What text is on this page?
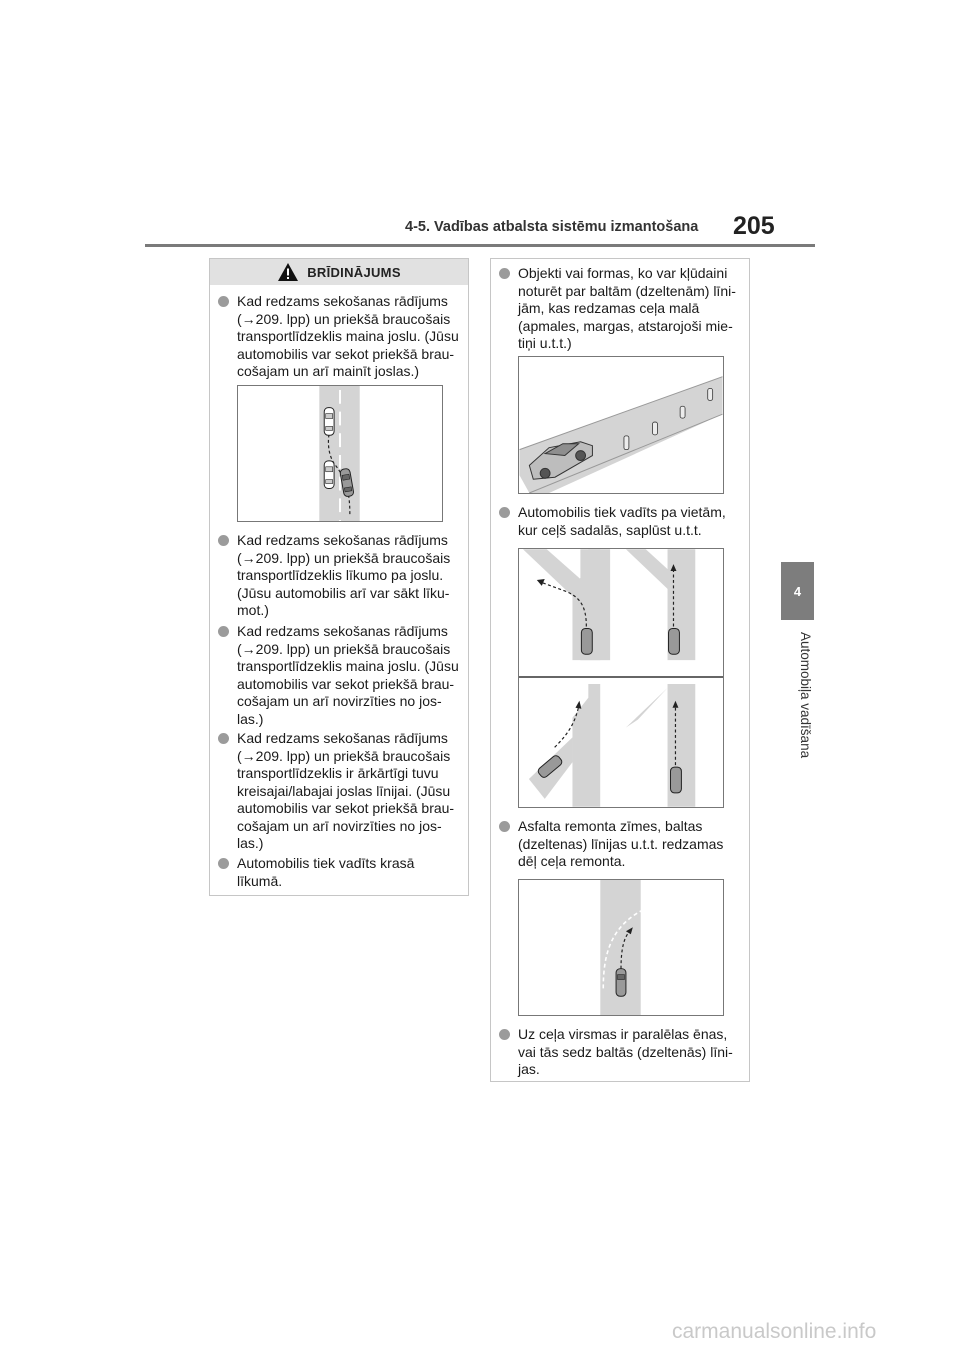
4-5. Vadības atbalsta sistēmu izmantošana 205
4
Automobiļa vadīšana
BRĪDINĀJUMS
Kad redzams sekošanas rādījums
(→209. lpp) un priekšā braucošais
transportlīdzeklis maina joslu. (Jūsu
automobilis var sekot priekšā brau-
cošajam un arī mainīt joslas.)
Kad redzams sekošanas rādījums
(→209. lpp) un priekšā braucošais
transportlīdzeklis līkumo pa joslu.
(Jūsu automobilis arī var sākt līku-
mot.)
Kad redzams sekošanas rādījums
(→209. lpp) un priekšā braucošais
transportlīdzeklis maina joslu. (Jūsu
automobilis var sekot priekšā brau-
cošajam un arī novirzīties no jos-
las.)
Kad redzams sekošanas rādījums
(→209. lpp) un priekšā braucošais
transportlīdzeklis ir ārkārtīgi tuvu
kreisajai/labajai joslas līnijai. (Jūsu
automobilis var sekot priekšā brau-
cošajam un arī novirzīties no jos-
las.)
Automobilis tiek vadīts krasā
līkumā.
Objekti vai formas, ko var kļūdaini
noturēt par baltām (dzeltenām) līni-
jām, kas redzamas ceļa malā
(apmales, margas, atstarojoši mie-
tiņi u.t.t.)
Automobilis tiek vadīts pa vietām,
kur ceļš sadalās, saplūst u.t.t.
Asfalta remonta zīmes, baltas
(dzeltenas) līnijas u.t.t. redzamas
dēļ ceļa remonta.
Uz ceļa virsmas ir paralēlas ēnas,
vai tās sedz baltās (dzeltenās) līni-
jas.
carmanualsonline.info
